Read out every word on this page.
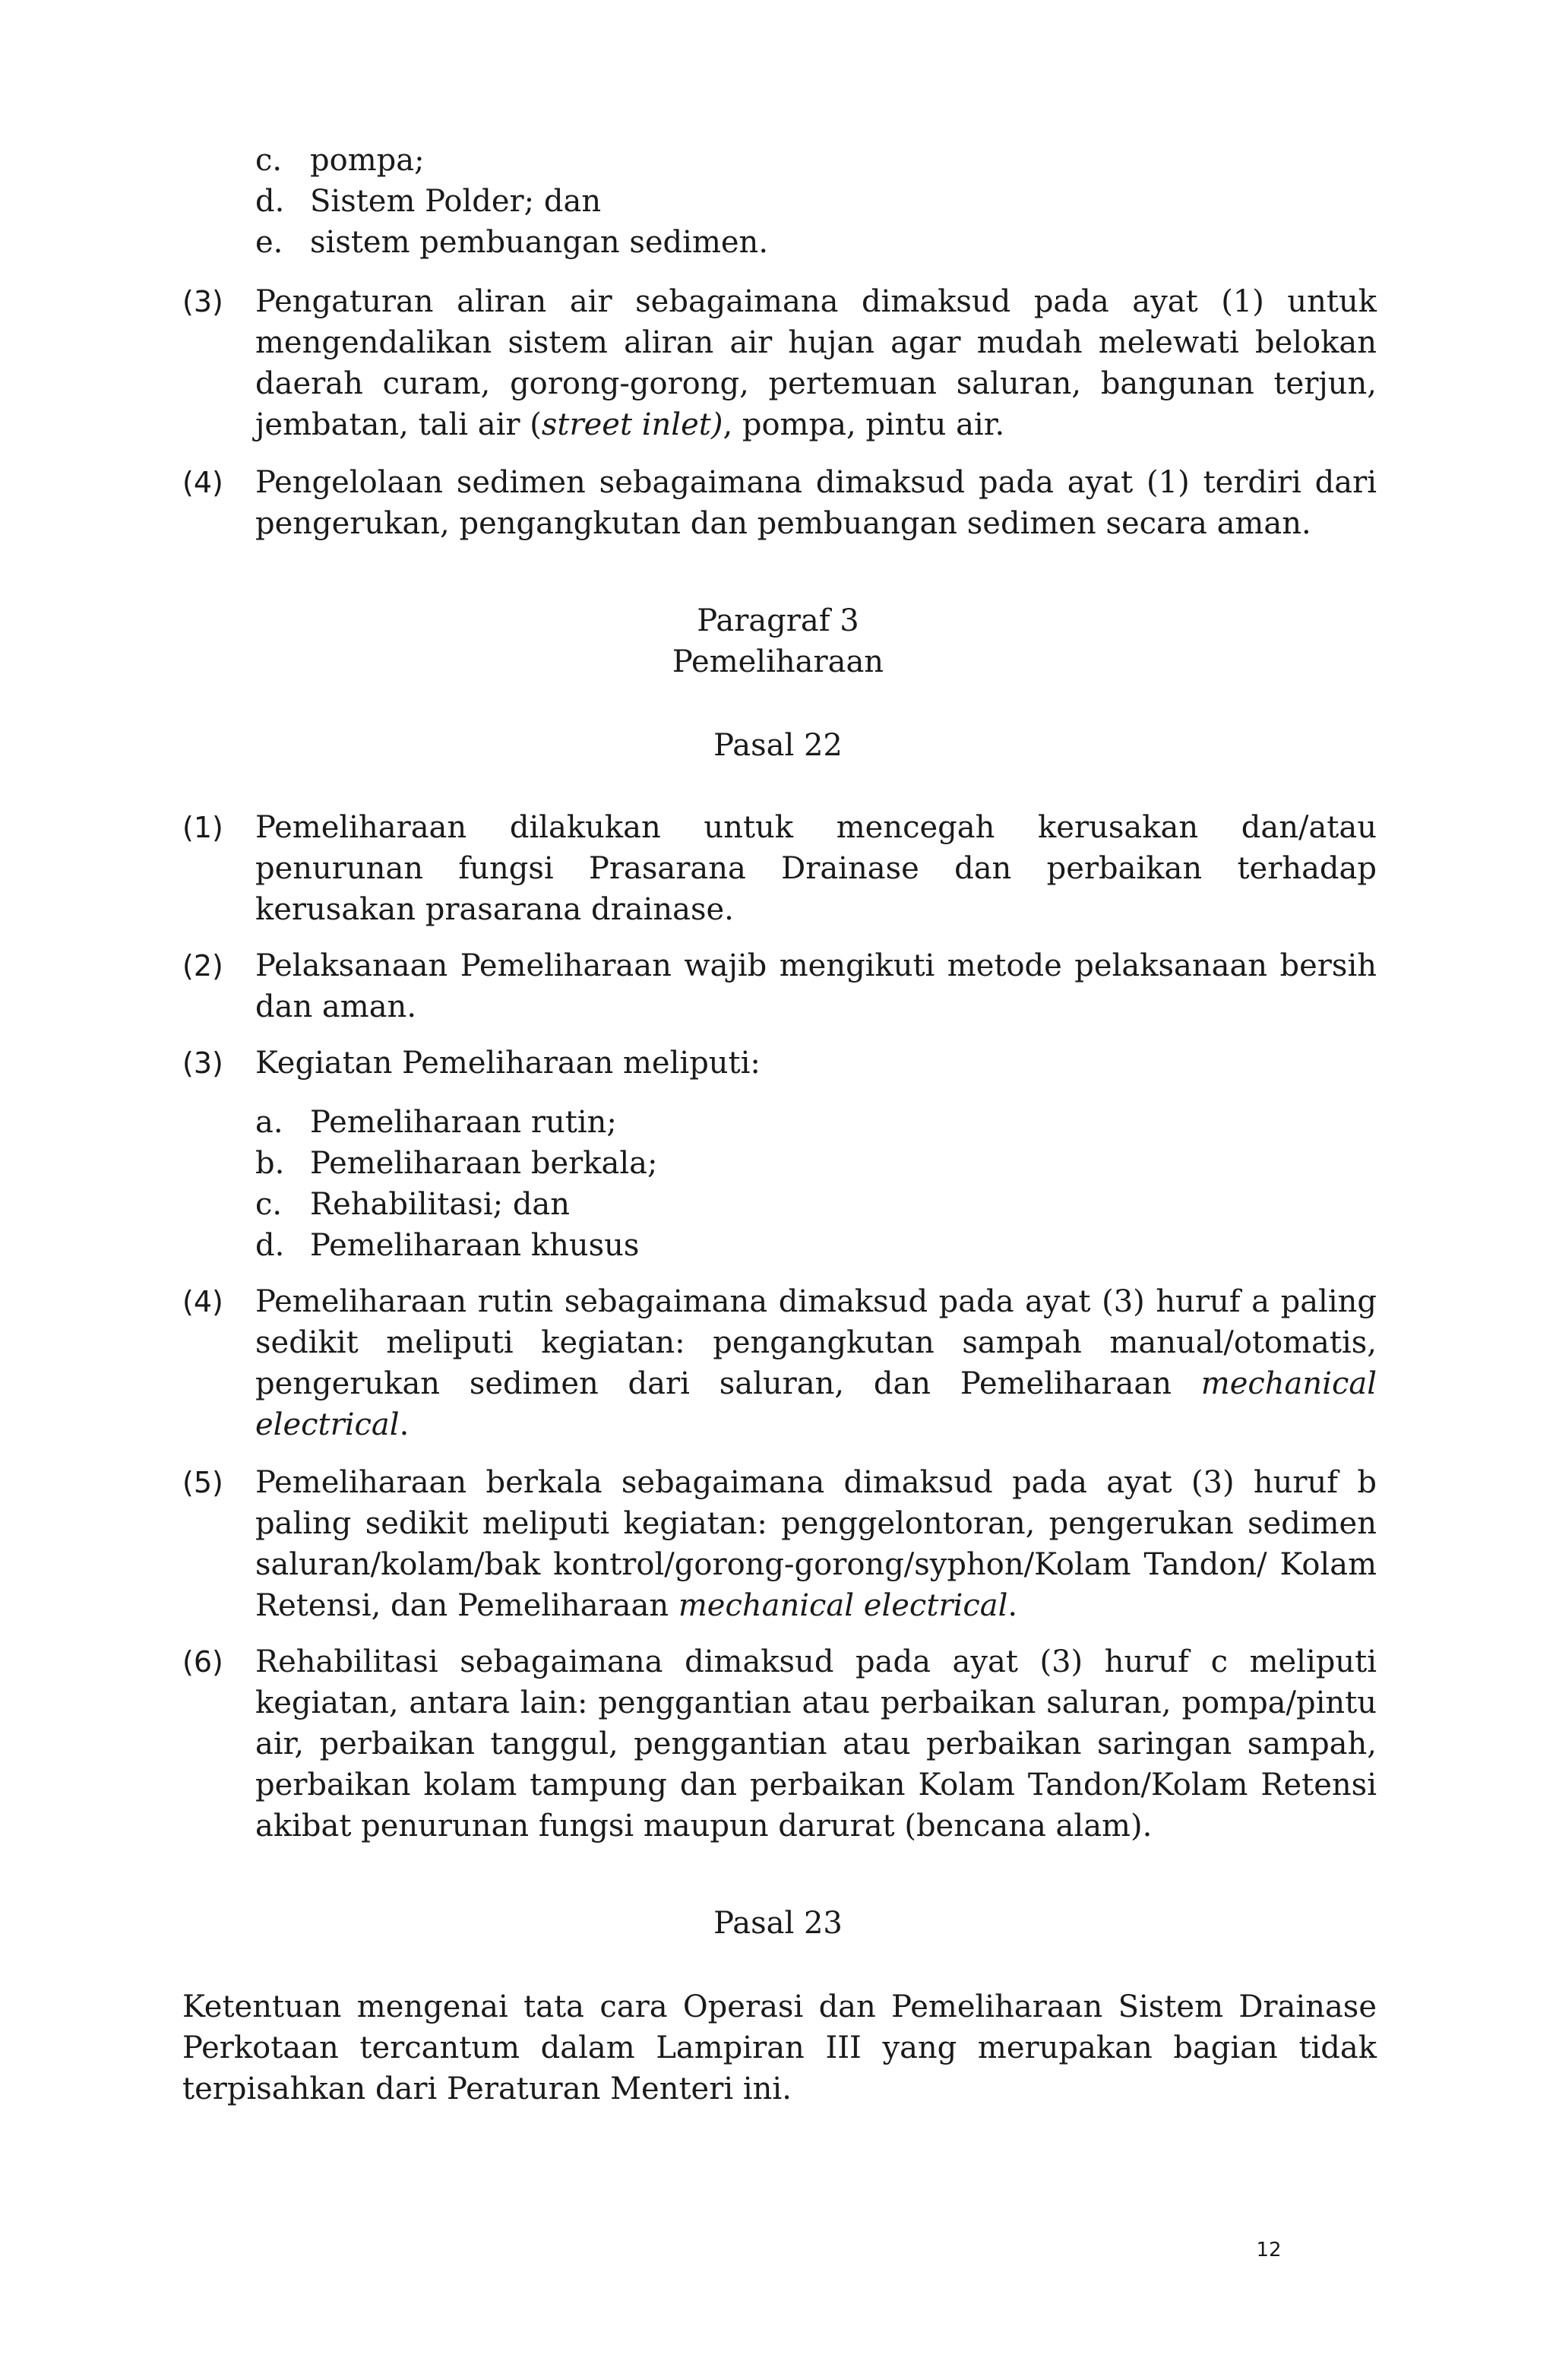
c. pompa;
d. Sistem Polder; dan
e. sistem pembuangan sedimen.
(3)	Pengaturan aliran air sebagaimana dimaksud pada ayat (1) untuk mengendalikan sistem aliran air hujan agar mudah melewati belokan daerah curam, gorong-gorong, pertemuan saluran, bangunan terjun, jembatan, tali air (street inlet), pompa, pintu air.
(4)	Pengelolaan sedimen sebagaimana dimaksud pada ayat (1) terdiri dari pengerukan, pengangkutan dan pembuangan sedimen secara aman.
Paragraf 3
Pemeliharaan
Pasal 22
(1)	Pemeliharaan dilakukan untuk mencegah kerusakan dan/atau penurunan fungsi Prasarana Drainase dan perbaikan terhadap kerusakan prasarana drainase.
(2)	Pelaksanaan Pemeliharaan wajib mengikuti metode pelaksanaan bersih dan aman.
(3)	Kegiatan Pemeliharaan meliputi:
a. Pemeliharaan rutin;
b. Pemeliharaan berkala;
c. Rehabilitasi; dan
d. Pemeliharaan khusus
(4)	Pemeliharaan rutin sebagaimana dimaksud pada ayat (3) huruf a paling sedikit meliputi kegiatan: pengangkutan sampah manual/otomatis, pengerukan sedimen dari saluran, dan Pemeliharaan mechanical electrical.
(5)	Pemeliharaan berkala sebagaimana dimaksud pada ayat (3) huruf b paling sedikit meliputi kegiatan: penggelontoran, pengerukan sedimen saluran/kolam/bak kontrol/gorong-gorong/syphon/Kolam Tandon/ Kolam Retensi, dan Pemeliharaan mechanical electrical.
(6)	Rehabilitasi sebagaimana dimaksud pada ayat (3) huruf c meliputi kegiatan, antara lain: penggantian atau perbaikan saluran, pompa/pintu air, perbaikan tanggul, penggantian atau perbaikan saringan sampah, perbaikan kolam tampung dan perbaikan Kolam Tandon/Kolam Retensi akibat penurunan fungsi maupun darurat (bencana alam).
Pasal 23
Ketentuan mengenai tata cara Operasi dan Pemeliharaan Sistem Drainase Perkotaan tercantum dalam Lampiran III yang merupakan bagian tidak terpisahkan dari Peraturan Menteri ini.
12
